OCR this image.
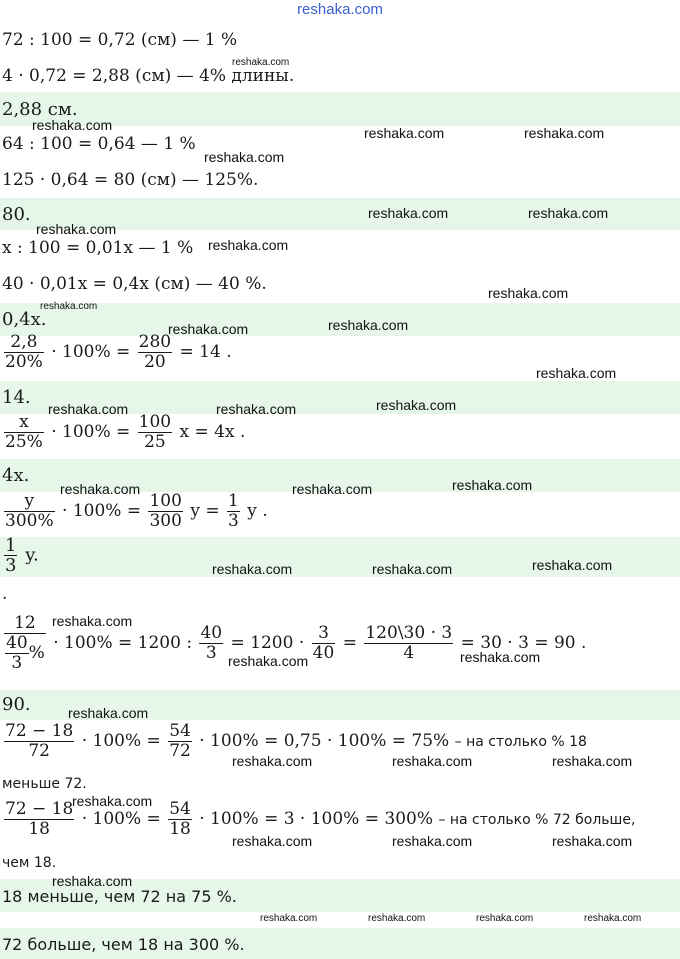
reshaka.com
72 : 100 = 0,72 (см) — 1 %
4 · 0,72 = 2,88 (см) — 4% длины.
2,88 см.
64 : 100 = 0,64 — 1 %
125 · 0,64 = 80 (см) — 125%.
80.
x : 100 = 0,01x — 1 %
40 · 0,01x = 0,4x (см) — 40 %.
0,4x.
$\frac{2,8}{20\%} \cdot 100\% = \frac{280}{20} = 14$ .
14.
$\frac{x}{25\%} \cdot 100\% = \frac{100}{25}$ x = 4x .
4x.
$\frac{y}{300\%} \cdot 100\% = \frac{100}{300}$ $y = \frac{1}{3}$ y .
$\frac{1}{3} y$.
.
$\frac{12}{\frac{40}{3} \%} \cdot 100\% = 1200$ : $\frac{40}{3} = 1200 \cdot \frac{3}{40} = \frac{120\backslash 30 \cdot 3}{4} = 30 \cdot 3 = 90$ .
90.
$\frac{72 - 18}{72} \cdot 100\% = \frac{54}{72} \cdot 100\% = 0,75 \cdot 100\% = 75\%$ – на столько % 18
меньше 72.
$\frac{72 - 18}{18} \cdot 100\% = \frac{54}{18} \cdot 100\% = 3 \cdot 100\% = 300\%$ – на столько % 72 больше,
чем 18.
18 меньше, чем 72 на 75 %.
72 больше, чем 18 на 300 %.
reshaka.com
reshaka.com	reshaka.com	reshaka.com
reshaka.com
reshaka.com	reshaka.com
reshaka.com
reshaka.com
reshaka.com
reshaka.com
reshaka.com
reshaka.com
reshaka.com
reshaka.com
reshaka.com	reshaka.com
reshaka.com
reshaka.com	reshaka.com
reshaka.com
reshaka.com	reshaka.com
reshaka.com
reshaka.com
reshaka.com
reshaka.com
reshaka.com	reshaka.com	reshaka.com
reshaka.com
reshaka.com	reshaka.com	reshaka.com
reshaka.com
reshaka.com	reshaka.com	reshaka.com	reshaka.com
